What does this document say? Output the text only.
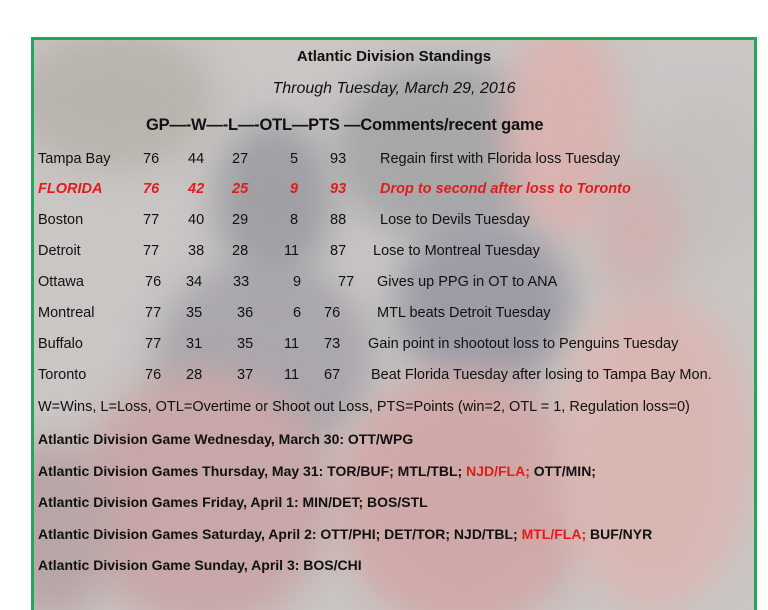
Atlantic Division Standings
Through Tuesday, March 29, 2016
GP—-W—-L—-OTL—PTS —Comments/recent game
Tampa Bay 76 44 27	5 93 Regain first with Florida loss Tuesday
FLORIDA	76 42 25	9 93 Drop to second after loss to Toronto
Boston	77 40 29	8 88 Lose to Devils Tuesday
Detroit	77 38 28 11 87 Lose to Montreal Tuesday
Ottawa	76 34 33	9	77 Gives up PPG in OT to ANA
Montreal	77 35 36	6 76	MTL beats Detroit Tuesday
Buffalo	77 31 35 11 73 Gain point in shootout loss to Penguins Tuesday
Toronto	76 28 37 11 67 Beat Florida Tuesday after losing to Tampa Bay Mon.
W=Wins, L=Loss, OTL=Overtime or Shoot out Loss, PTS=Points (win=2, OTL = 1, Regulation loss=0)
Atlantic Division Game Wednesday, March 30: OTT/WPG
Atlantic Division Games Thursday, May 31: TOR/BUF; MTL/TBL; NJD/FLA; OTT/MIN;
Atlantic Division Games Friday, April 1: MIN/DET; BOS/STL
Atlantic Division Games Saturday, April 2: OTT/PHI; DET/TOR; NJD/TBL; MTL/FLA; BUF/NYR
Atlantic Division Game Sunday, April 3: BOS/CHI
